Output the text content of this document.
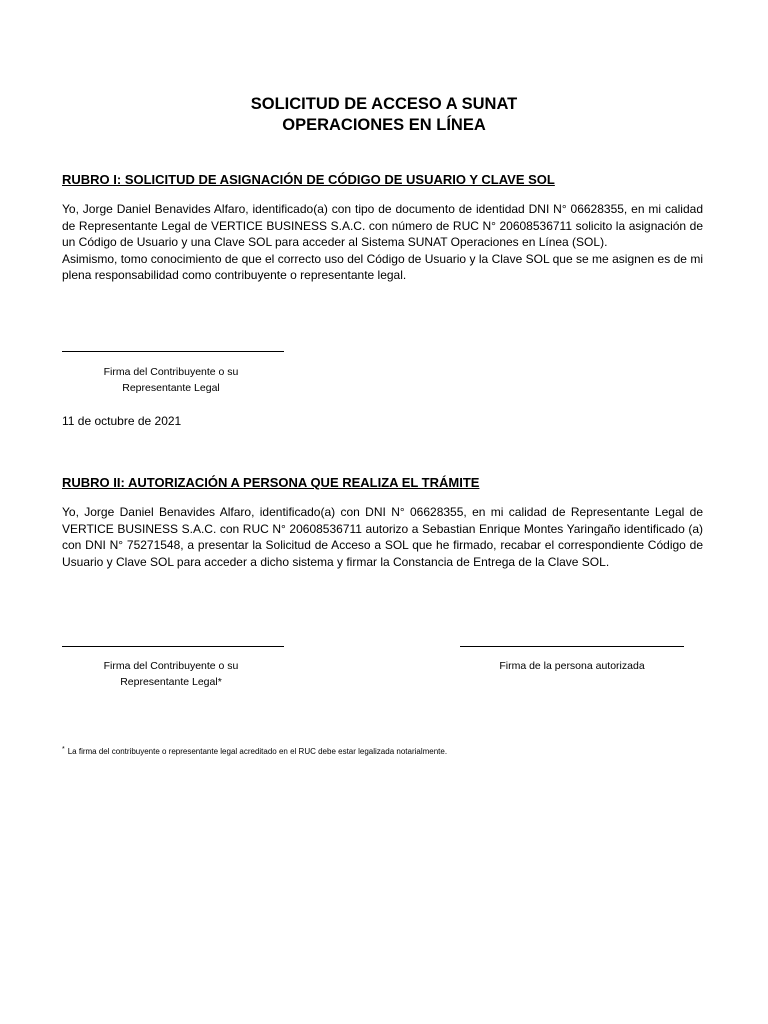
SOLICITUD DE ACCESO A SUNAT
OPERACIONES EN LÍNEA
RUBRO I: SOLICITUD DE ASIGNACIÓN DE CÓDIGO DE USUARIO Y CLAVE SOL

Yo, Jorge Daniel Benavides Alfaro, identificado(a) con tipo de documento de identidad DNI N° 06628355, en mi calidad de Representante Legal de VERTICE BUSINESS S.A.C. con número de RUC N° 20608536711 solicito la asignación de un Código de Usuario y una Clave SOL para acceder al Sistema SUNAT Operaciones en Línea (SOL).

Asimismo, tomo conocimiento de que el correcto uso del Código de Usuario y la Clave SOL que se me asignen es de mi plena responsabilidad como contribuyente o representante legal.

Firma del Contribuyente o su
Representante Legal
11 de octubre de 2021
RUBRO II: AUTORIZACIÓN A PERSONA QUE REALIZA EL TRÁMITE

Yo, Jorge Daniel Benavides Alfaro, identificado(a) con DNI N° 06628355, en mi calidad de Representante Legal de VERTICE BUSINESS S.A.C. con RUC N° 20608536711 autorizo a Sebastian Enrique Montes Yaringaño identificado (a) con DNI N° 75271548, a presentar la Solicitud de Acceso a SOL que he firmado, recabar el correspondiente Código de Usuario y Clave SOL para acceder a dicho sistema y firmar la Constancia de Entrega de la Clave SOL.

Firma del Contribuyente o su
Representante Legal*
Firma de la persona autorizada
* La firma del contribuyente o representante legal acreditado en el RUC debe estar legalizada notarialmente.
